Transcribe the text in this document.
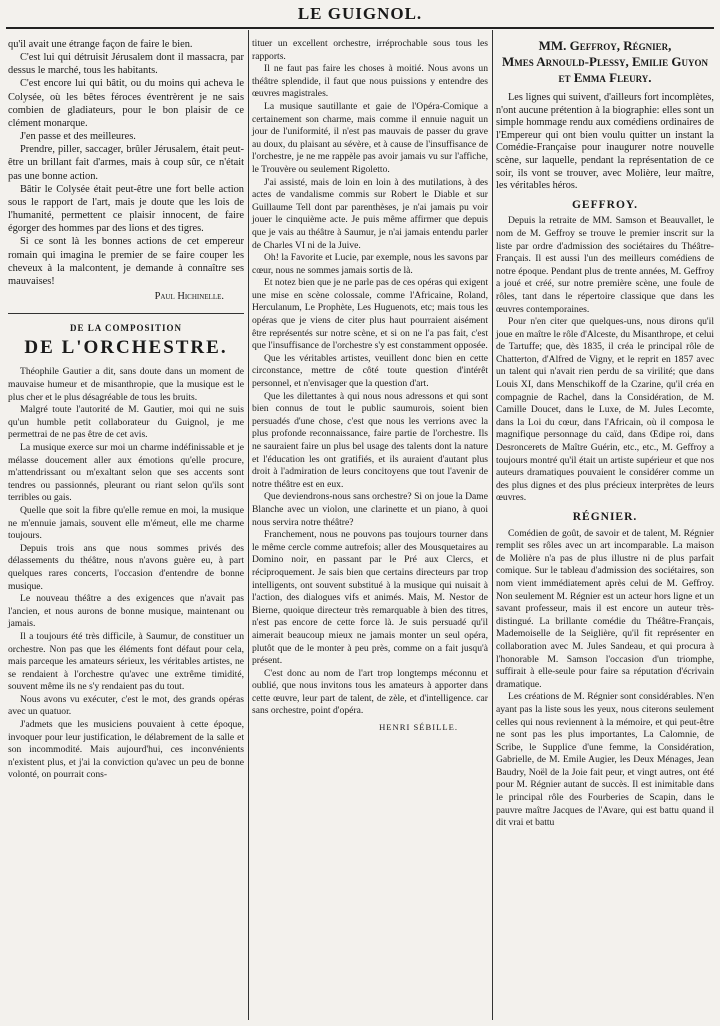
LE GUIGNOL.

qu'il avait une étrange façon de faire le bien.

C'est lui qui détruisit Jérusalem dont il massacra, par dessus le marché, tous les habitants.

C'est encore lui qui bâtit, ou du moins qui acheva le Colysée, où les bêtes féroces éventrèrent je ne sais combien de gladiateurs, pour le bon plaisir de ce clément monarque.

J'en passe et des meilleures.

Prendre, piller, saccager, brûler Jérusalem, était peut-être un brillant fait d'armes, mais à coup sûr, ce n'était pas une bonne action.

Bâtir le Colysée était peut-être une fort belle action sous le rapport de l'art, mais je doute que les lois de l'humanité, permettent ce plaisir innocent, de faire égorger des hommes par des lions et des tigres.

Si ce sont là les bonnes actions de cet empereur romain qui imagina le premier de se faire couper les cheveux à la malcontent, je demande à connaître ses mauvaises!

Paul Hichinelle.

DE LA COMPOSITION

DE L'ORCHESTRE.

Théophile Gautier a dit, sans doute dans un moment de mauvaise humeur et de misanthropie, que la musique est le plus cher et le plus désagréable de tous les bruits.

Malgré toute l'autorité de M. Gautier, moi qui ne suis qu'un humble petit collaborateur du Guignol, je me permettrai de ne pas être de cet avis.

La musique exerce sur moi un charme indéfinissable et je mélasse doucement aller aux émotions qu'elle procure, m'attendrissant ou m'exaltant selon que ses accents sont tendres ou passionnés, pleurant ou riant selon qu'ils sont terribles ou gais.

Quelle que soit la fibre qu'elle remue en moi, la musique ne m'ennuie jamais, souvent elle m'émeut, elle me charme toujours.

Depuis trois ans que nous sommes privés des délassements du théâtre, nous n'avons guère eu, à part quelques rares concerts, l'occasion d'entendre de bonne musique.

Le nouveau théâtre a des exigences que n'avait pas l'ancien, et nous aurons de bonne musique, maintenant ou jamais.

Il a toujours été très difficile, à Saumur, de constituer un orchestre. Non pas que les éléments font défaut pour cela, mais parceque les amateurs sérieux, les véritables artistes, ne se rendaient à l'orchestre qu'avec une extrême timidité, souvent même ils ne s'y rendaient pas du tout.

Nous avons vu exécuter, c'est le mot, des grands opéras avec un quatuor.

J'admets que les musiciens pouvaient à cette époque, invoquer pour leur justification, le délabrement de la salle et son incommodité. Mais aujourd'hui, ces inconvénients n'existent plus, et j'ai la conviction qu'avec un peu de bonne volonté, on pourrait cons-

tituer un excellent orchestre, irréprochable sous tous les rapports.

Il ne faut pas faire les choses à moitié. Nous avons un théâtre splendide, il faut que nous puissions y entendre des œuvres magistrales.

La musique sautillante et gaie de l'Opéra-Comique a certainement son charme, mais comme il ennuie naguit un jour de l'uniformité, il n'est pas mauvais de passer du grave au doux, du plaisant au sévère, et à cause de l'insuffisance de l'orchestre, je ne me rappèle pas avoir jamais vu sur l'affiche, le Trouvère ou seulement Rigoletto.

J'ai assisté, mais de loin en loin à des mutilations, à des actes de vandalisme commis sur Robert le Diable et sur Guillaume Tell dont par parenthèses, je n'ai jamais pu voir jouer le cinquième acte. Je puis même affirmer que depuis que je vais au théâtre à Saumur, je n'ai jamais entendu parler de Charles VI ni de la Juive.

Oh! la Favorite et Lucie, par exemple, nous les savons par cœur, nous ne sommes jamais sortis de là.

Et notez bien que je ne parle pas de ces opéras qui exigent une mise en scène colossale, comme l'Africaine, Roland, Herculanum, Le Prophète, Les Huguenots, etc; mais tous les opéras que je viens de citer plus haut pourraient aisément être représentés sur notre scène, et si on ne l'a pas fait, c'est que l'insuffisance de l'orchestre s'y est constamment opposée.

Que les véritables artistes, veuillent donc bien en cette circonstance, mettre de côté toute question d'intérêt personnel, et n'envisager que la question d'art.

Que les dilettantes à qui nous nous adressons et qui sont bien connus de tout le public saumurois, soient bien persuadés d'une chose, c'est que nous les verrions avec la plus profonde reconnaissance, faire partie de l'orchestre. Ils ne sauraient faire un plus bel usage des talents dont la nature et l'éducation les ont gratifiés, et ils auraient d'autant plus droit à l'admiration de leurs concitoyens que tout l'avenir de notre théâtre est en eux.

Que deviendrons-nous sans orchestre? Si on joue la Dame Blanche avec un violon, une clarinette et un piano, à quoi nous servira notre théâtre?

Franchement, nous ne pouvons pas toujours tourner dans le même cercle comme autrefois; aller des Mousquetaires au Domino noir, en passant par le Pré aux Clercs, et réciproquement. Je sais bien que certains directeurs par trop intelligents, ont souvent substitué à la musique qui nuisait à l'action, des dialogues vifs et animés. Mais, M. Nestor de Bierne, quoique directeur très remarquable à bien des titres, n'est pas encore de cette force là. Je suis persuadé qu'il aimerait beaucoup mieux ne jamais monter un seul opéra, plutôt que de le monter à peu près, comme on a fait jusqu'à présent.

C'est donc au nom de l'art trop longtemps méconnu et oublié, que nous invitons tous les amateurs à apporter dans cette œuvre, leur part de talent, de zèle, et d'intelligence. car sans orchestre, point d'opéra.

HENRI SÉBILLE.

MM. Geffroy, Régnier,
Mmes Arnould-Plessy, Emilie Guyon
et Emma Fleury.

Les lignes qui suivent, d'ailleurs fort incomplètes, n'ont aucune prétention à la biographie: elles sont un simple hommage rendu aux comédiens ordinaires de l'Empereur qui ont bien voulu quitter un instant la Comédie-Française pour inaugurer notre nouvelle scène, sur laquelle, pendant la représentation de ce soir, ils vont se trouver, avec Molière, leur maître, les véritables héros.

GEFFROY.

Depuis la retraite de MM. Samson et Beauvallet, le nom de M. Geffroy se trouve le premier inscrit sur la liste par ordre d'admission des sociétaires du Théâtre-Français. Il est aussi l'un des meilleurs comédiens de notre époque. Pendant plus de trente années, M. Geffroy a joué et créé, sur notre première scène, une foule de rôles, tant dans le répertoire classique que dans les œuvres contemporaines.

Pour n'en citer que quelques-uns, nous dirons qu'il joue en maître le rôle d'Alceste, du Misanthrope, et celui de Tartuffe; que, dès 1835, il créa le principal rôle de Chatterton, d'Alfred de Vigny, et le reprit en 1857 avec un talent qui n'avait rien perdu de sa virilité; que dans Louis XI, dans Menschikoff de la Czarine, qu'il créa en compagnie de Rachel, dans la Considération, de M. Camille Doucet, dans le Luxe, de M. Jules Lecomte, dans la Loi du cœur, dans l'Africain, où il composa le magnifique personnage du caïd, dans Œdipe roi, dans Desroncerets de Maître Guérin, etc., etc., M. Geffroy a toujours montré qu'il était un artiste supérieur et que nos auteurs dramatiques pouvaient le considérer comme un des plus dignes et des plus précieux interprètes de leurs œuvres.

RÉGNIER.

Comédien de goût, de savoir et de talent, M. Régnier remplit ses rôles avec un art incomparable. La maison de Molière n'a pas de plus illustre ni de plus parfait comique. Sur le tableau d'admission des sociétaires, son nom vient immédiatement après celui de M. Geffroy. Non seulement M. Régnier est un acteur hors ligne et un savant professeur, mais il est encore un auteur très-distingué. La brillante comédie du Théâtre-Français, Mademoiselle de la Seiglière, qu'il fit représenter en collaboration avec M. Jules Sandeau, et qui procura à l'honorable M. Samson l'occasion d'un triomphe, suffirait à elle-seule pour faire sa réputation d'écrivain dramatique.

Les créations de M. Régnier sont considérables. N'en ayant pas la liste sous les yeux, nous citerons seulement celles qui nous reviennent à la mémoire, et qui peut-être ne sont pas les plus importantes, La Calomnie, de Scribe, le Supplice d'une femme, la Considération, Gabrielle, de M. Emile Augier, les Deux Ménages, Jean Baudry, Noël de la Joie fait peur, et vingt autres, ont été pour M. Régnier autant de succès. Il est inimitable dans le principal rôle des Fourberies de Scapin, dans le pauvre maître Jacques de l'Avare, qui est battu quand il dit vrai et battu
